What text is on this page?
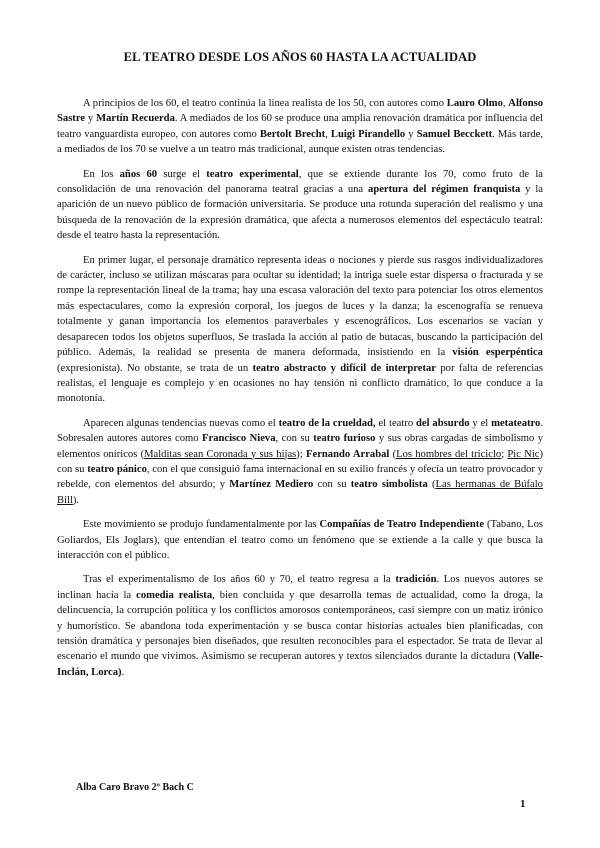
EL TEATRO DESDE LOS AÑOS 60 HASTA LA ACTUALIDAD

A principios de los 60, el teatro continúa la línea realista de los 50, con autores como Lauro Olmo, Alfonso Sastre y Martín Recuerda. A mediados de los 60 se produce una amplia renovación dramática por influencia del teatro vanguardista europeo, con autores como Bertolt Brecht, Luigi Pirandello y Samuel Becckett. Más tarde, a mediados de los 70 se vuelve a un teatro más tradicional, aunque existen otras tendencias.

En los años 60 surge el teatro experimental, que se extiende durante los 70, como fruto de la consolidación de una renovación del panorama teatral gracias a una apertura del régimen franquista y la aparición de un nuevo público de formación universitaria. Se produce una rotunda superación del realismo y una búsqueda de la renovación de la expresión dramática, que afecta a numerosos elementos del espectáculo teatral: desde el teatro hasta la representación.

En primer lugar, el personaje dramático representa ideas o nociones y pierde sus rasgos individualizadores de carácter, incluso se utilizan máscaras para ocultar su identidad; la intriga suele estar dispersa o fracturada y se rompe la representación lineal de la trama; hay una escasa valoración del texto para potenciar los otros elementos más espectaculares, como la expresión corporal, los juegos de luces y la danza; la escenografía se renueva totalmente y ganan importancia los elementos paraverbales y escenográficos. Los escenarios se vacían y desaparecen todos los objetos superfluos, Se traslada la acción al patio de butacas, buscando la participación del público. Además, la realidad se presenta de manera deformada, insistiendo en la visión esperpéntica (expresionista). No obstante, se trata de un teatro abstracto y difícil de interpretar por falta de referencias realistas, el lenguaje es complejo y en ocasiones no hay tensión ni conflicto dramático, lo que conduce a la monotonía.

Aparecen algunas tendencias nuevas como el teatro de la crueldad, el teatro del absurdo y el metateatro. Sobresalen autores autores como Francisco Nieva, con su teatro furioso y sus obras cargadas de simbolismo y elementos oníricos (Malditas sean Coronada y sus hijas); Fernando Arrabal (Los hombres del triciclo; Pic Nic) con su teatro pánico, con el que consiguió fama internacional en su exilio francés y ofecía un teatro provocador y rebelde, con elementos del absurdo; y Martínez Mediero con su teatro simbolista (Las hermanas de Búfalo Bill).

Este movimiento se produjo fundamentalmente por las Compañías de Teatro Independiente (Tabano, Los Goliardos, Els Joglars), que entendían el teatro como un fenómeno que se extiende a la calle y que busca la interacción con el público.

Tras el experimentalismo de los años 60 y 70, el teatro regresa a la tradición. Los nuevos autores se inclinan hacia la comedia realista, bien concluida y que desarrolla temas de actualidad, como la droga, la delincuencia, la corrupción política y los conflictos amorosos contemporáneos, casi siempre con un matiz irónico y humorístico. Se abandona toda experimentación y se busca contar historias actuales bien planificadas, con tensión dramática y personajes bien diseñados, que resulten reconocibles para el espectador. Se trata de llevar al escenario el mundo que vivimos. Asimismo se recuperan autores y textos silenciados durante la dictadura (Valle-Inclán, Lorca).

Alba Caro Bravo 2º Bach C
1
